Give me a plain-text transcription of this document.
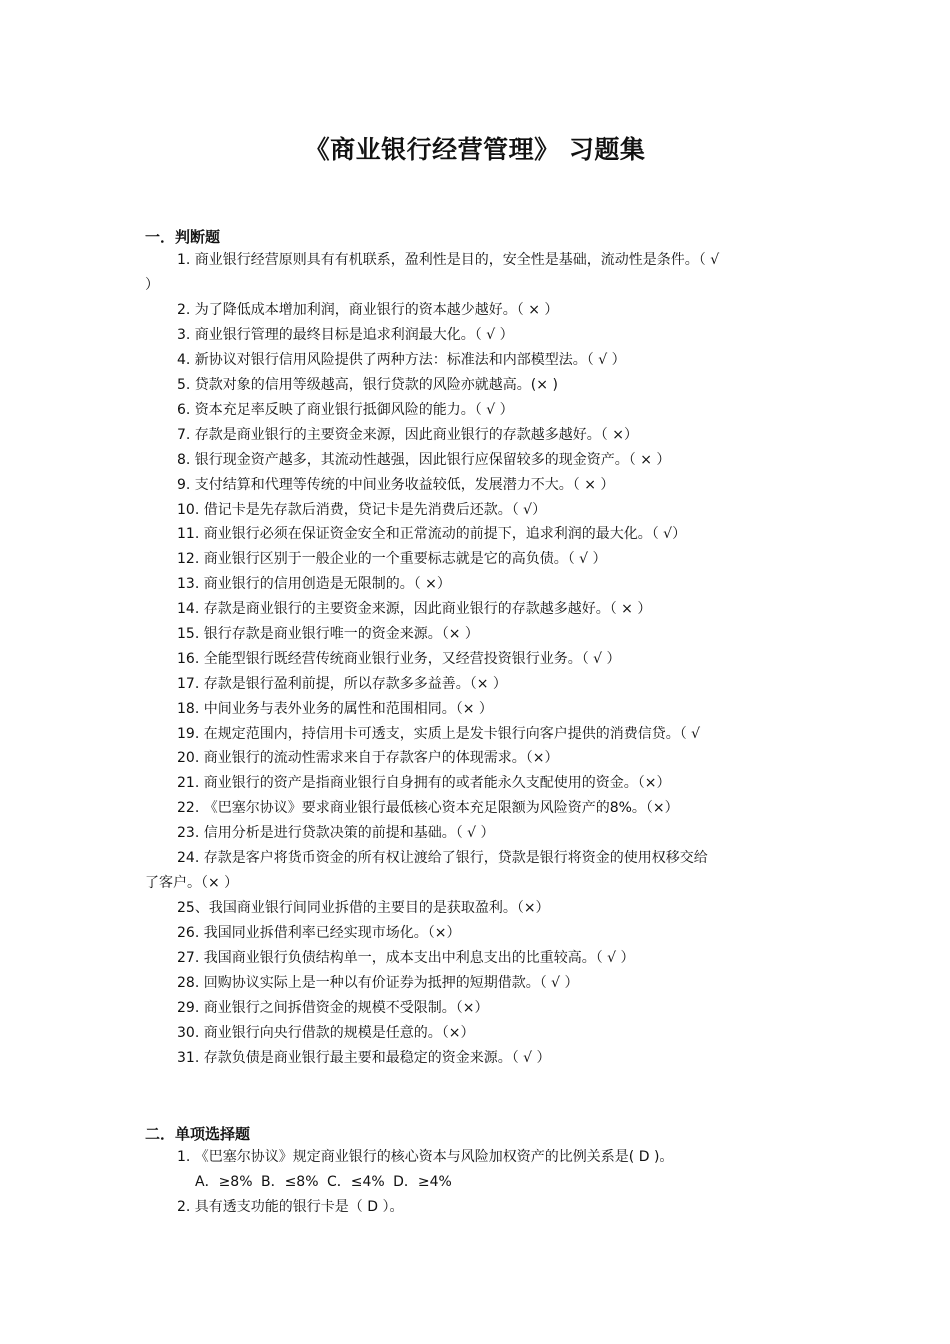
《商业银行经营管理》 习题集
一．判断题
1. 商业银行经营原则具有有机联系，盈利性是目的，安全性是基础，流动性是条件。（ √
）
2. 为了降低成本增加利润，商业银行的资本越少越好。（ × ）
3. 商业银行管理的最终目标是追求利润最大化。（ √ ）
4. 新协议对银行信用风险提供了两种方法：标准法和内部模型法。（ √ ）
5. 贷款对象的信用等级越高，银行贷款的风险亦就越高。(× )
6. 资本充足率反映了商业银行抵御风险的能力。（ √ ）
7. 存款是商业银行的主要资金来源，因此商业银行的存款越多越好。（ ×）
8. 银行现金资产越多，其流动性越强，因此银行应保留较多的现金资产。（ × ）
9. 支付结算和代理等传统的中间业务收益较低，发展潜力不大。（ × ）
10. 借记卡是先存款后消费，贷记卡是先消费后还款。（ √）
11. 商业银行必须在保证资金安全和正常流动的前提下，追求利润的最大化。（ √）
12. 商业银行区别于一般企业的一个重要标志就是它的高负债。（ √ ）
13. 商业银行的信用创造是无限制的。（ ×）
14. 存款是商业银行的主要资金来源，因此商业银行的存款越多越好。（ × ）
15. 银行存款是商业银行唯一的资金来源。（× ）
16. 全能型银行既经营传统商业银行业务，又经营投资银行业务。（ √ ）
17. 存款是银行盈利前提，所以存款多多益善。（× ）
18. 中间业务与表外业务的属性和范围相同。（× ）
19. 在规定范围内，持信用卡可透支，实质上是发卡银行向客户提供的消费信贷。（ √
20. 商业银行的流动性需求来自于存款客户的体现需求。（×）
21. 商业银行的资产是指商业银行自身拥有的或者能永久支配使用的资金。（×）
22. 《巴塞尔协议》要求商业银行最低核心资本充足限额为风险资产的8%。（×）
23. 信用分析是进行贷款决策的前提和基础。（ √ ）
24. 存款是客户将货币资金的所有权让渡给了银行，贷款是银行将资金的使用权移交给
了客户。（× ）
25、我国商业银行间同业拆借的主要目的是获取盈利。（×）
26. 我国同业拆借利率已经实现市场化。（×）
27. 我国商业银行负债结构单一，成本支出中利息支出的比重较高。（ √ ）
28. 回购协议实际上是一种以有价证券为抵押的短期借款。（ √ ）
29. 商业银行之间拆借资金的规模不受限制。（×）
30. 商业银行向央行借款的规模是任意的。（×）
31. 存款负债是商业银行最主要和最稳定的资金来源。（ √ ）
二．单项选择题
1. 《巴塞尔协议》规定商业银行的核心资本与风险加权资产的比例关系是( D )。
A．≥8% B．≤8% C．≤4% D．≥4%
2. 具有透支功能的银行卡是（ D ）。
